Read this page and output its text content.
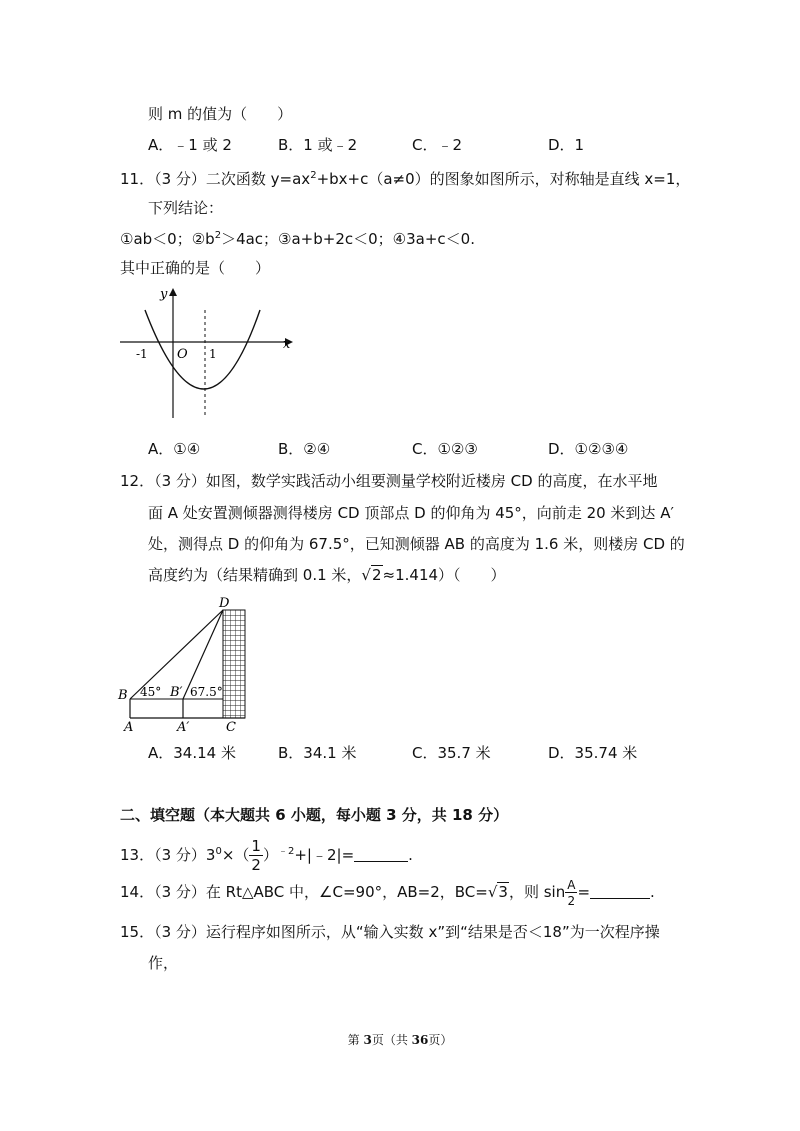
则 m 的值为（　　）
A．﹣1 或 2	B．1 或﹣2	C．﹣2	D．1
11．（3 分）二次函数 $y=ax^2+bx+c(a\ne 0)$的图象如图所示，对称轴是直线 x=1，
下列结论：
①ab＜0；$②b^2>4ac$；③a+b+2c＜0；④3a+c＜0.
其中正确的是（　　）
y
x
O
-1	1
A．①④	B．②④	C．①②③	D．①②③④
12．（3 分）如图，数学实践活动小组要测量学校附近楼房 CD 的高度，在水平地
面 A 处安置测倾器测得楼房 CD 顶部点 D 的仰角为 45°，向前走 20 米到达 A′
处，测得点 D 的仰角为 67.5°，已知测倾器 AB 的高度为 1.6 米，则楼房 CD 的
高度约为（结果精确到 0.1 米，√2≈1.414）（　　）
D
B	B′
A	A′	C
45° 67.5°
A．34.14 米	B．34.1 米	C．35.7 米	D．35.74 米
二、填空题（本大题共 6 小题，每小题 3 分，共 18 分）
13．（3 分）$3^0\times( \frac{1}{2}$ ）$^{﹣2}+|﹣2|=$	.
14．（3 分）在 Rt△ABC 中，∠C=90°，AB=2，BC=√3，则 $\sin \frac{A}{2}$ =	.
15．（3 分）运行程序如图所示，从“输入实数 x”到“结果是否＜18”为一次程序操
作，
第 3页（共 36页）
